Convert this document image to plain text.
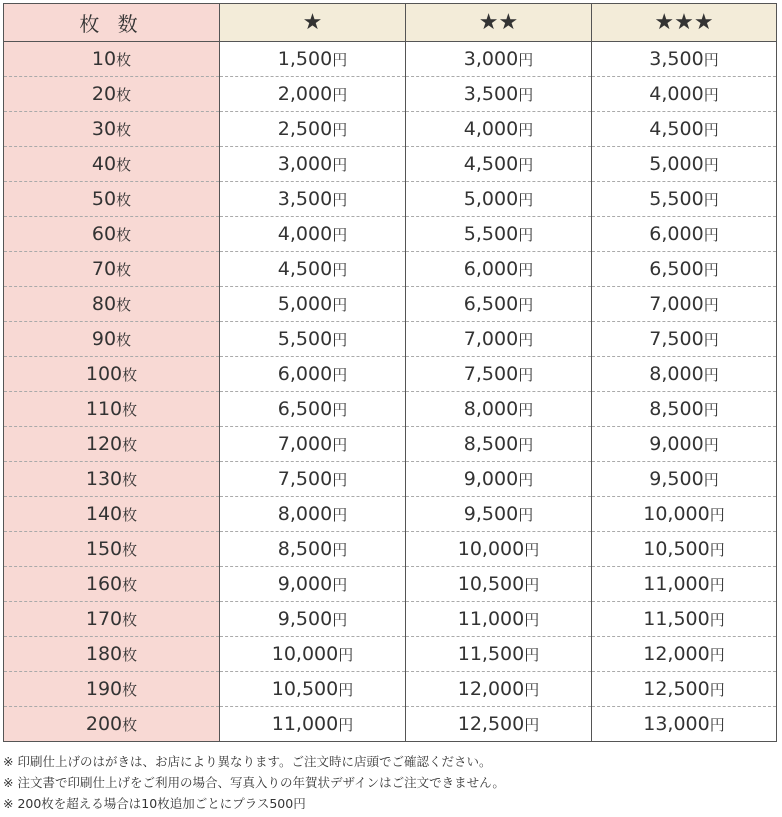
枚 数	★	★★	★★★
10枚	1,500円	3,000円	3,500円
20枚	2,000円	3,500円	4,000円
30枚	2,500円	4,000円	4,500円
40枚	3,000円	4,500円	5,000円
50枚	3,500円	5,000円	5,500円
60枚	4,000円	5,500円	6,000円
70枚	4,500円	6,000円	6,500円
80枚	5,000円	6,500円	7,000円
90枚	5,500円	7,000円	7,500円
100枚	6,000円	7,500円	8,000円
110枚	6,500円	8,000円	8,500円
120枚	7,000円	8,500円	9,000円
130枚	7,500円	9,000円	9,500円
140枚	8,000円	9,500円	10,000円
150枚	8,500円	10,000円	10,500円
160枚	9,000円	10,500円	11,000円
170枚	9,500円	11,000円	11,500円
180枚	10,000円	11,500円	12,000円
190枚	10,500円	12,000円	12,500円
200枚	11,000円	12,500円	13,000円

※ 印刷仕上げのはがきは、お店により異なります。ご注文時に店頭でご確認ください。

※ 注文書で印刷仕上げをご利用の場合、写真入りの年賀状デザインはご注文できません。

※ 200枚を超える場合は10枚追加ごとにプラス500円
